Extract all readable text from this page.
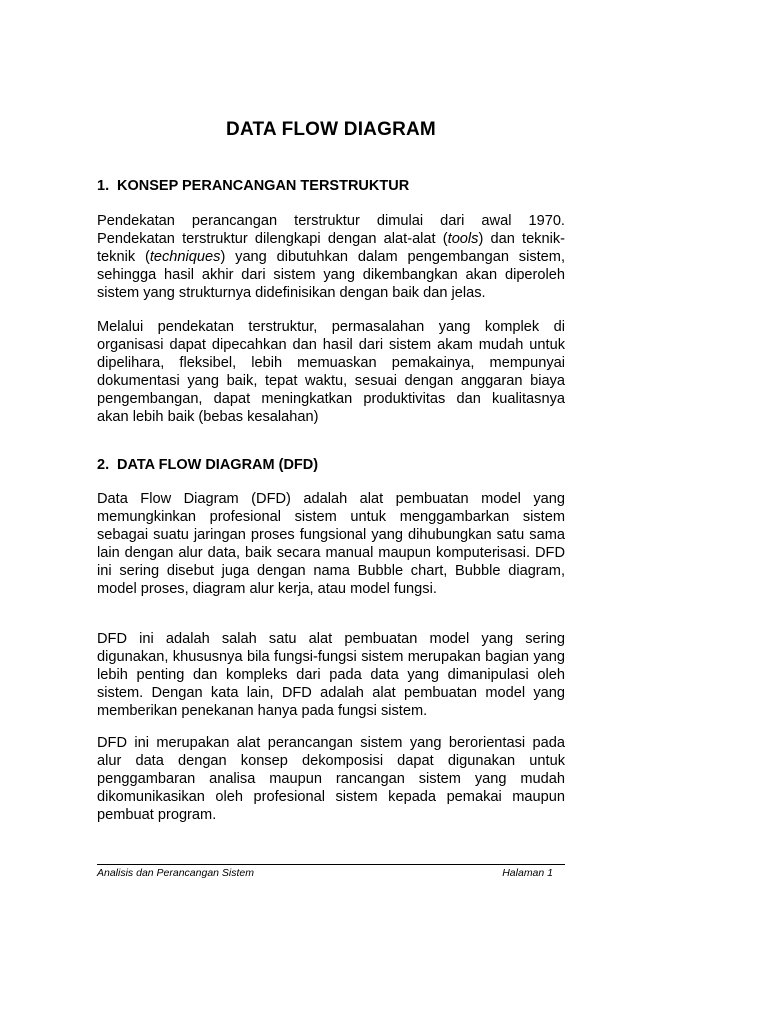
DATA FLOW DIAGRAM
1. KONSEP PERANCANGAN TERSTRUKTUR

Pendekatan perancangan terstruktur dimulai dari awal 1970. Pendekatan terstruktur dilengkapi dengan alat-alat (tools) dan teknik-teknik (techniques) yang dibutuhkan dalam pengembangan sistem, sehingga hasil akhir dari sistem yang dikembangkan akan diperoleh sistem yang strukturnya didefinisikan dengan baik dan jelas.

Melalui pendekatan terstruktur, permasalahan yang komplek di organisasi dapat dipecahkan dan hasil dari sistem akam mudah untuk dipelihara, fleksibel, lebih memuaskan pemakainya, mempunyai dokumentasi yang baik, tepat waktu, sesuai dengan anggaran biaya pengembangan, dapat meningkatkan produktivitas dan kualitasnya akan lebih baik (bebas kesalahan)

2. DATA FLOW DIAGRAM (DFD)

Data Flow Diagram (DFD) adalah alat pembuatan model yang memungkinkan profesional sistem untuk menggambarkan sistem sebagai suatu jaringan proses fungsional yang dihubungkan satu sama lain dengan alur data, baik secara manual maupun komputerisasi. DFD ini sering disebut juga dengan nama Bubble chart, Bubble diagram, model proses, diagram alur kerja, atau model fungsi.

DFD ini adalah salah satu alat pembuatan model yang sering digunakan, khususnya bila fungsi-fungsi sistem merupakan bagian yang lebih penting dan kompleks dari pada data yang dimanipulasi oleh sistem. Dengan kata lain, DFD adalah alat pembuatan model yang memberikan penekanan hanya pada fungsi sistem.

DFD ini merupakan alat perancangan sistem yang berorientasi pada alur data dengan konsep dekomposisi dapat digunakan untuk penggambaran analisa maupun rancangan sistem yang mudah dikomunikasikan oleh profesional sistem kepada pemakai maupun pembuat program.

Analisis dan Perancangan Sistem	Halaman 1
